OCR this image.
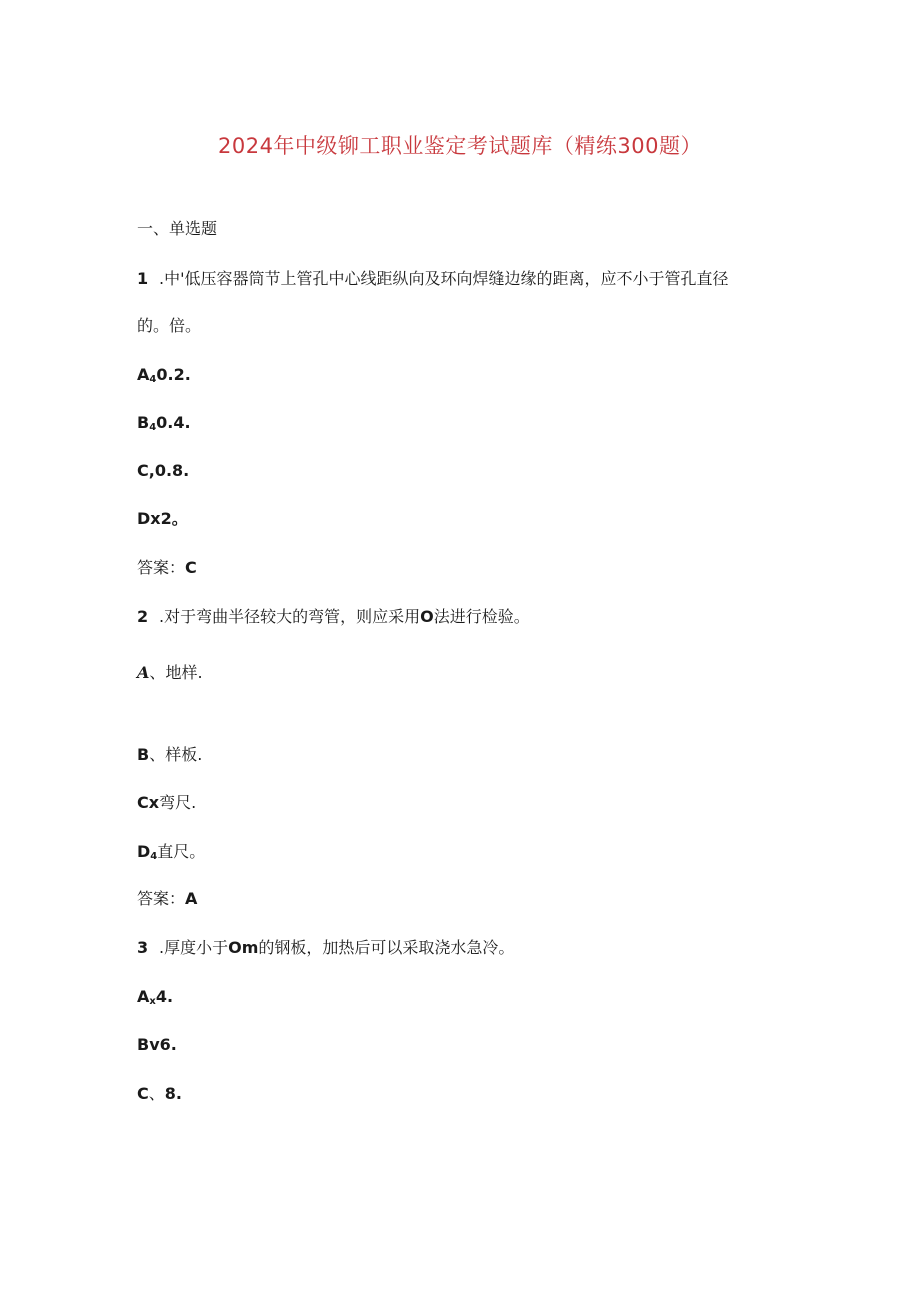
2024年中级铆工职业鉴定考试题库（精练300题）
一、单选题
1 .中'低压容器筒节上管孔中心线距纵向及环向焊缝边缘的距离，应不小于管孔直径
的。倍。
A40.2.
B40.4.
C,0.8.
Dx2。
答案：C
2 .对于弯曲半径较大的弯管，则应采用O法进行检验。
A、地样.
B、样板.
Cx弯尺.
D4直尺。
答案：A
3 .厚度小于Om的钢板，加热后可以采取浇水急冷。
Ax4.
Bv6.
C、8.
